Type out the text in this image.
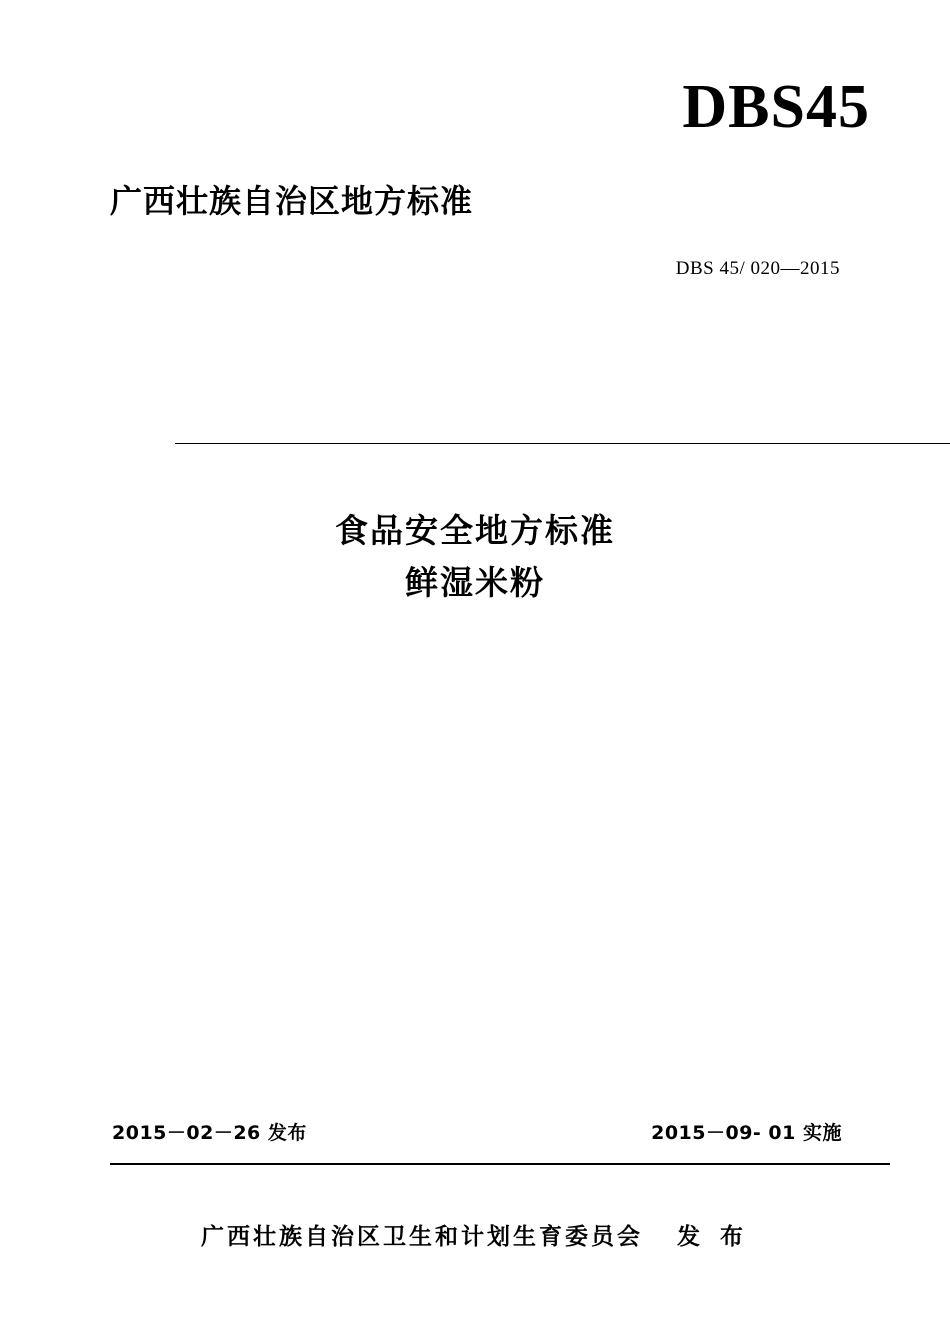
DBS45
广西壮族自治区地方标准
DBS 45/ 020—2015
食品安全地方标准
鲜湿米粉
2015－02－26 发布	2015－09- 01 实施
广西壮族自治区卫生和计划生育委员会 发 布
